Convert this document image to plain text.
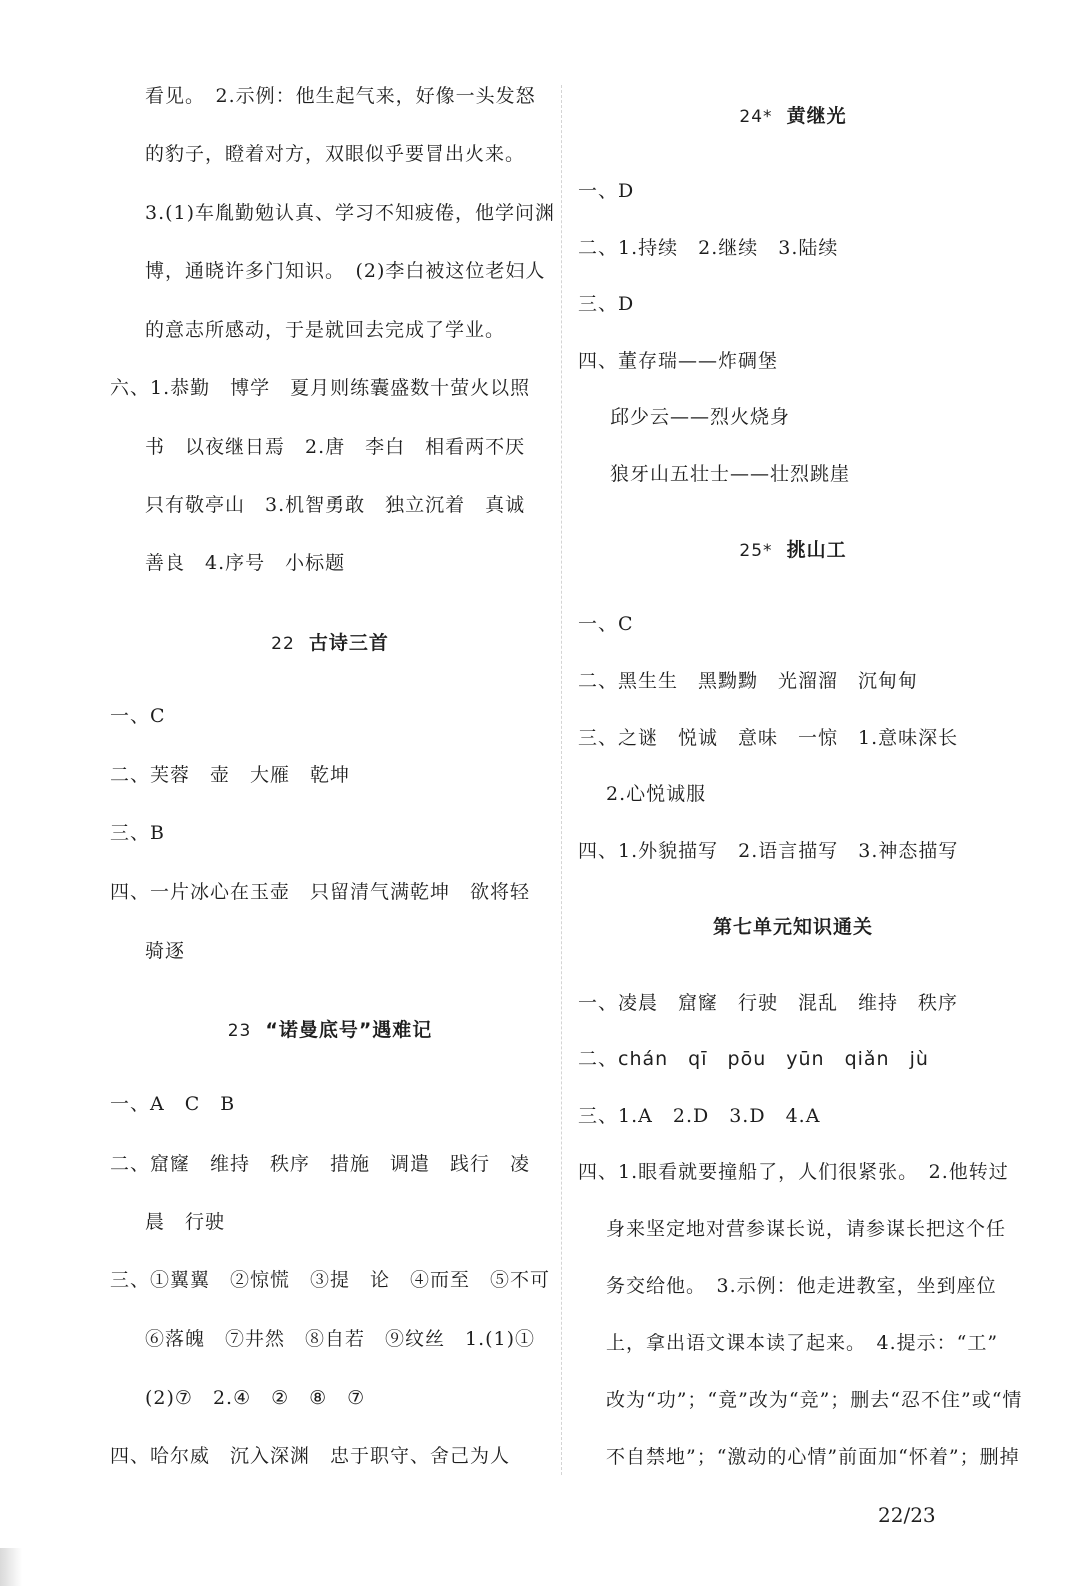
看见。　2.示例：他生起气来，好像一头发怒
的豹子，瞪着对方，双眼似乎要冒出火来。
3.(1)车胤勤勉认真、学习不知疲倦，他学问渊
博，通晓许多门知识。　(2)李白被这位老妇人
的意志所感动，于是就回去完成了学业。
六、1.恭勤　博学　夏月则练囊盛数十萤火以照
书　以夜继日焉　2.唐　李白　相看两不厌
只有敬亭山　3.机智勇敢　独立沉着　真诚
善良　4.序号　小标题
22 古诗三首
一、C
二、芙蓉　壶　大雁　乾坤
三、B
四、一片冰心在玉壶　只留清气满乾坤　欲将轻
骑逐
23 “诺曼底号”遇难记
一、A　C　B
二、窟窿　维持　秩序　措施　调遣　践行　凌
晨　行驶
三、①翼翼　②惊慌　③提　论　④而至　⑤不可
⑥落魄　⑦井然　⑧自若　⑨纹丝　1.(1)①
(2)⑦　2.④　②　⑧　⑦
四、哈尔威　沉入深渊　忠于职守、舍己为人
24* 黄继光
一、D
二、1.持续　2.继续　3.陆续
三、D
四、董存瑞——炸碉堡
邱少云——烈火烧身
狼牙山五壮士——壮烈跳崖
25* 挑山工
一、C
二、黑生生　黑黝黝　光溜溜　沉甸甸
三、之谜　悦诚　意味　一惊　1.意味深长
2.心悦诚服
四、1.外貌描写　2.语言描写　3.神态描写
第七单元知识通关
一、凌晨　窟窿　行驶　混乱　维持　秩序
二、chán　qī　pōu　yūn　qiǎn　jù
三、1.A　2.D　3.D　4.A
四、1.眼看就要撞船了，人们很紧张。　2.他转过
身来坚定地对营参谋长说，请参谋长把这个任
务交给他。　3.示例：他走进教室，坐到座位
上，拿出语文课本读了起来。　4.提示：“工”
改为“功”；“竟”改为“竞”；删去“忍不住”或“情
不自禁地”；“激动的心情”前面加“怀着”；删掉
22/23
